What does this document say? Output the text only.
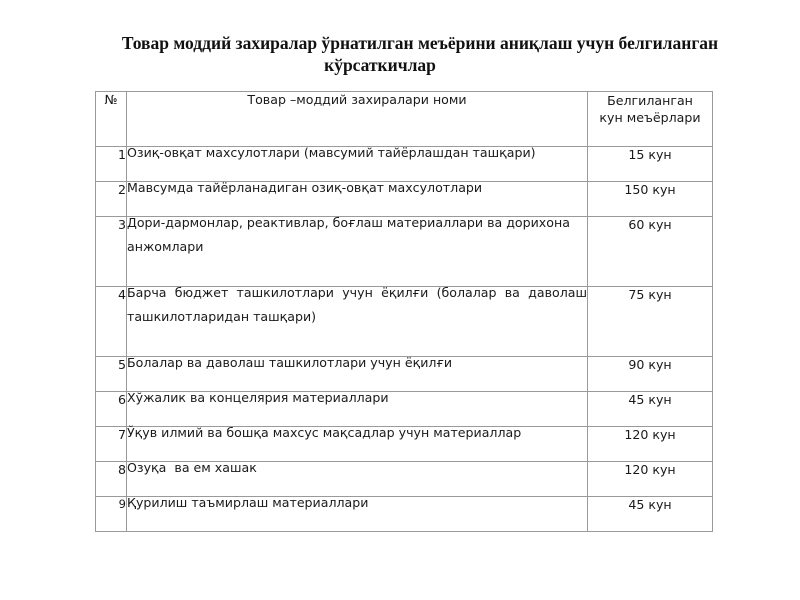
Товар моддий захиралар ўрнатилган меъёрини аниқлаш учун белгиланган
кўрсаткичлар
№	Товар –моддий захиралари номи	Белгиланган
кун меъёрлари
1	Озиқ-овқат махсулотлари (мавсумий тайёрлашдан ташқари)	15 кун
2	Мавсумда тайёрланадиган озиқ-овқат махсулотлари	150 кун
3	Дори-дармонлар, реактивлар, боғлаш материаллари ва дорихона анжомлари	60 кун
4	Барча бюджет ташкилотлари учун ёқилғи (болалар ва даволаш ташкилотларидан ташқари)	75 кун
5	Болалар ва даволаш ташкилотлари учун ёқилғи	90 кун
6	Хўжалик ва концелярия материаллари	45 кун
7	Ўқув илмий ва бошқа махсус мақсадлар учун материаллар	120 кун
8	Озуқа  ва ем хашак	120 кун
9	Қурилиш таъмирлаш материаллари	45 кун
